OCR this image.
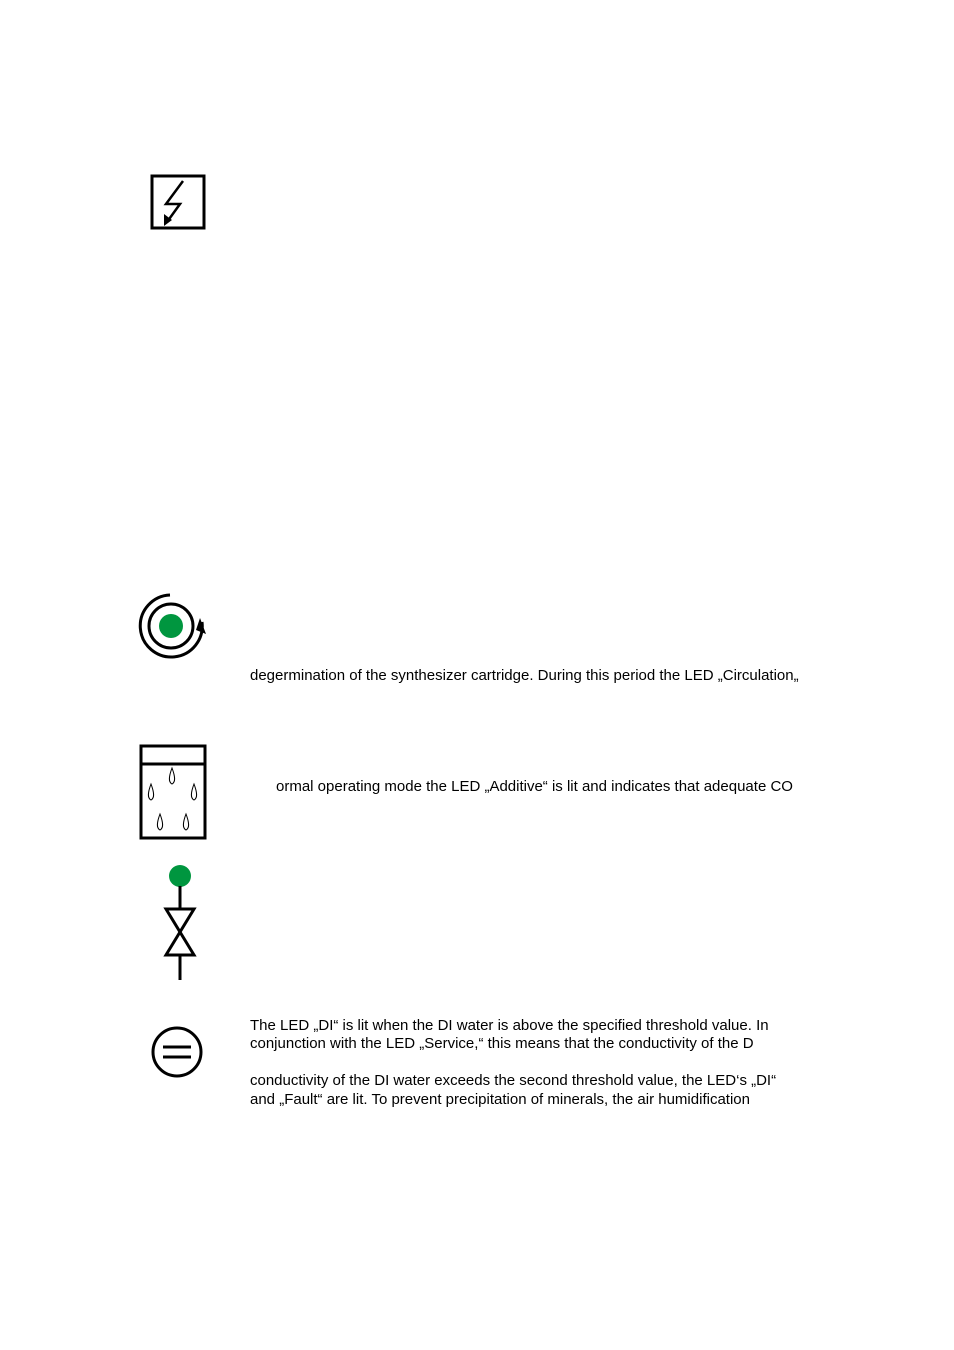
degermination of the synthesizer cartridge. During this period the LED „Circulation„
ormal operating mode the LED „Additive“ is lit and indicates that adequate CO
The LED „DI“ is lit when the DI water is above the specified threshold value. In
conjunction with the LED „Service,“ this means that the conductivity of the D
conductivity of the DI water exceeds the second threshold value, the LED‘s „DI“
and „Fault“ are lit. To prevent precipitation of minerals, the air humidification
